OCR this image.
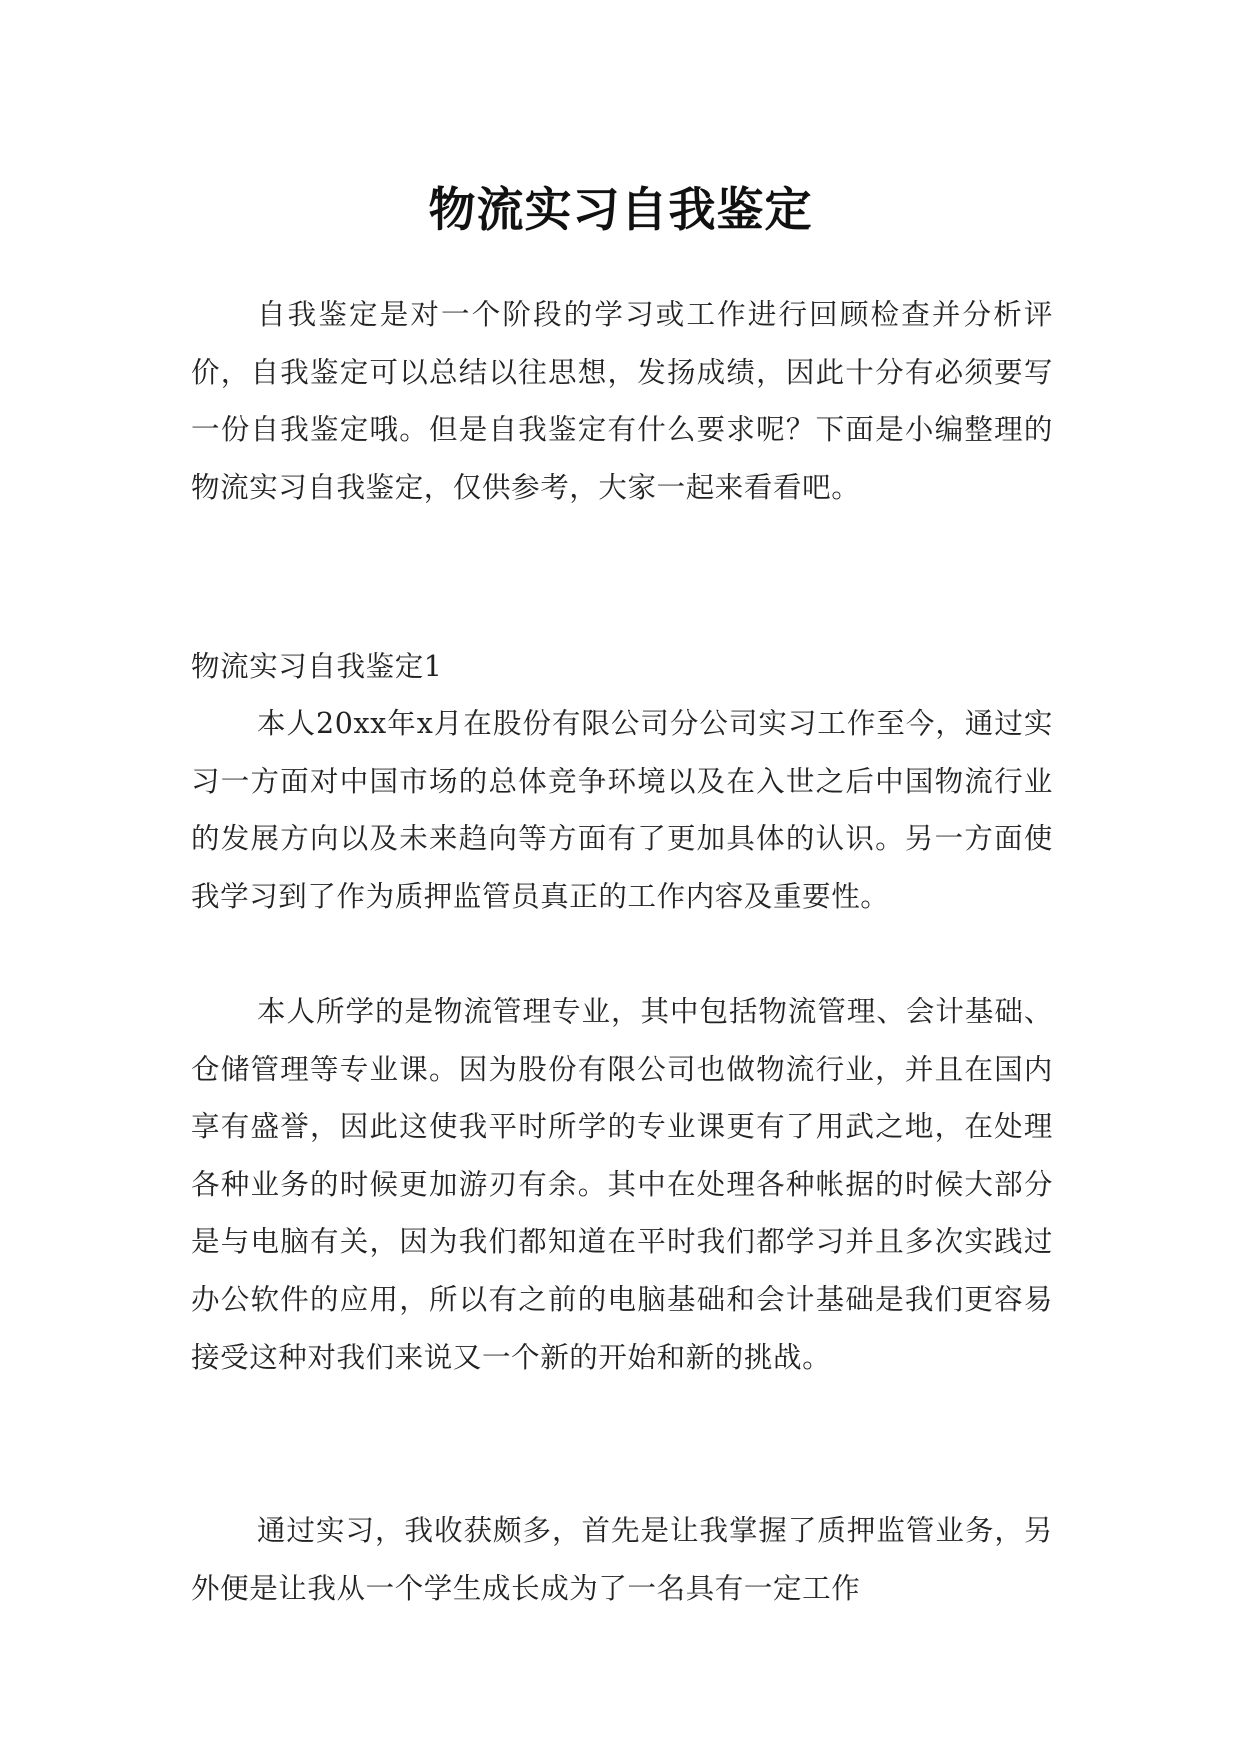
物流实习自我鉴定

自我鉴定是对一个阶段的学习或工作进行回顾检查并分析评价，自我鉴定可以总结以往思想，发扬成绩，因此十分有必须要写一份自我鉴定哦。但是自我鉴定有什么要求呢？下面是小编整理的物流实习自我鉴定，仅供参考，大家一起来看看吧。

物流实习自我鉴定1

本人20xx年x月在股份有限公司分公司实习工作至今，通过实习一方面对中国市场的总体竞争环境以及在入世之后中国物流行业的发展方向以及未来趋向等方面有了更加具体的认识。另一方面使我学习到了作为质押监管员真正的工作内容及重要性。

本人所学的是物流管理专业，其中包括物流管理、会计基础、仓储管理等专业课。因为股份有限公司也做物流行业，并且在国内享有盛誉，因此这使我平时所学的专业课更有了用武之地，在处理各种业务的时候更加游刃有余。其中在处理各种帐据的时候大部分是与电脑有关，因为我们都知道在平时我们都学习并且多次实践过办公软件的应用，所以有之前的电脑基础和会计基础是我们更容易接受这种对我们来说又一个新的开始和新的挑战。

通过实习，我收获颇多，首先是让我掌握了质押监管业务，另外便是让我从一个学生成长成为了一名具有一定工作
